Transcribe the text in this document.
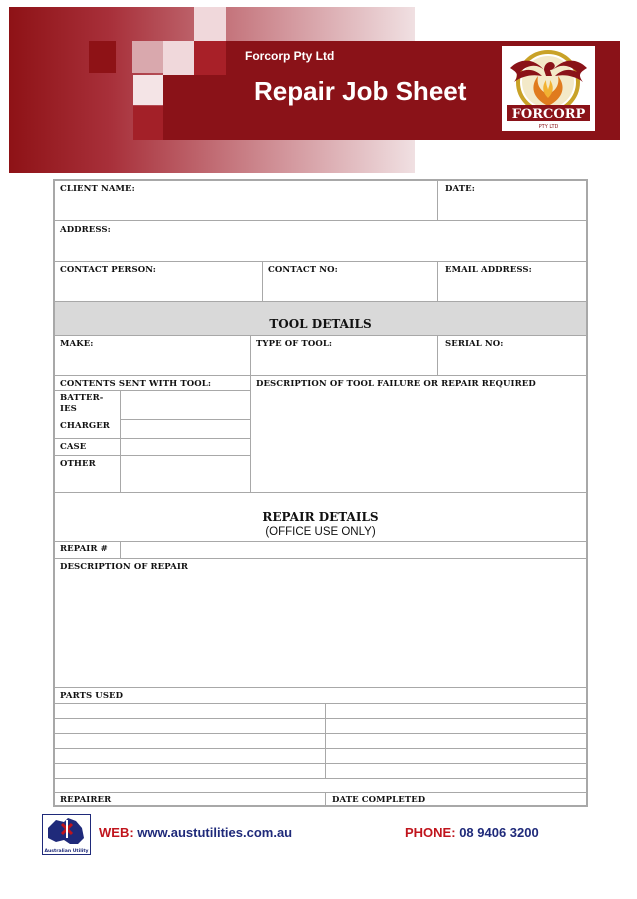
Forcorp Pty Ltd
Repair Job Sheet
FORCORP
PTY LTD
CLIENT NAME:	DATE:
ADDRESS:
CONTACT PERSON:	CONTACT NO:	EMAIL ADDRESS:
TOOL DETAILS
MAKE:	TYPE OF TOOL:	SERIAL NO:
CONTENTS SENT WITH TOOL:	DESCRIPTION OF TOOL FAILURE OR REPAIR REQUIRED
BATTER-IES
CHARGER
CASE
OTHER
REPAIR DETAILS
(OFFICE USE ONLY)
REPAIR #
DESCRIPTION OF REPAIR
PARTS USED
REPAIRER	DATE COMPLETED
Australian Utility
WEB: www.austutilities.com.au	PHONE: 08 9406 3200
